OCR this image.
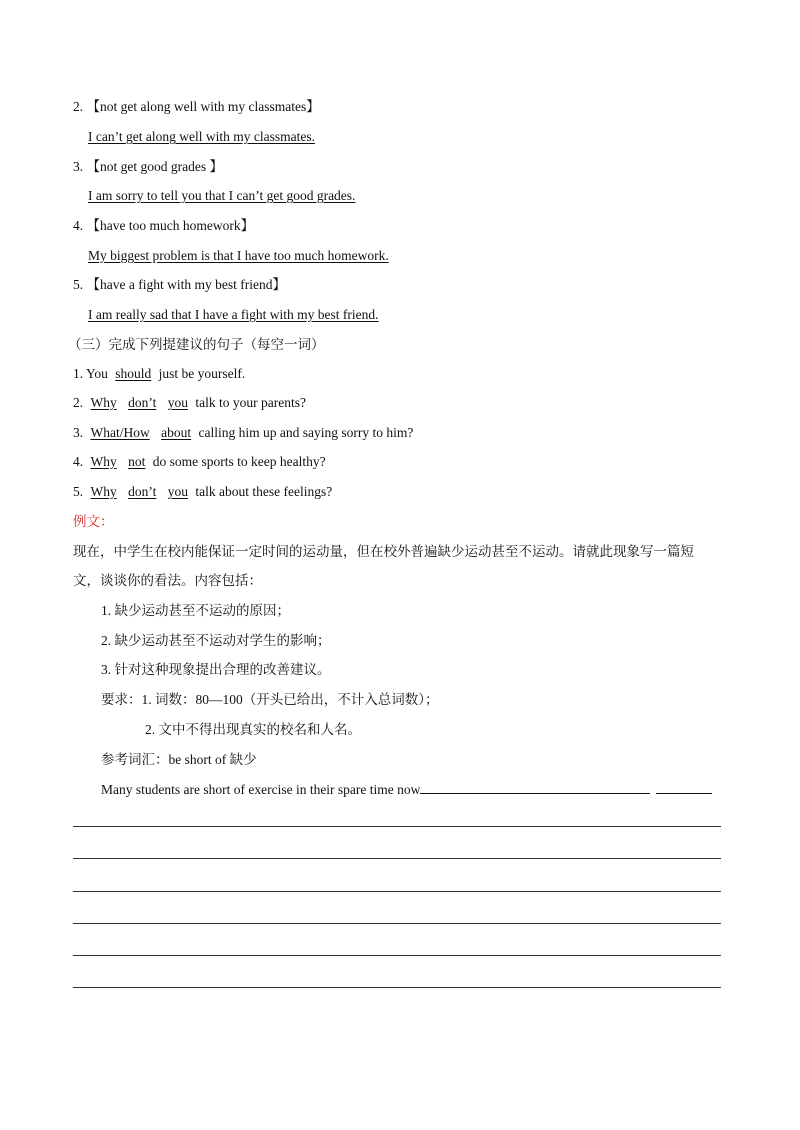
2. 【not get along well with my classmates】
I can’t get along well with my classmates.
3. 【not get good grades 】
I am sorry to tell you that I can’t get good grades.
4. 【have too much homework】
My biggest problem is that I have too much homework.
5. 【have a fight with my best friend】
I am really sad that I have a fight with my best friend.
（三）完成下列提建议的句子（每空一词）
1. You should just be yourself.
2. Why don’t you talk to your parents?
3. What/How about calling him up and saying sorry to him?
4. Why not do some sports to keep healthy?
5. Why don’t you talk about these feelings?
例文：
现在，中学生在校内能保证一定时间的运动量，但在校外普遍缺少运动甚至不运动。请就此现象写一篇短
文，谈谈你的看法。内容包括：
1. 缺少运动甚至不运动的原因；
2. 缺少运动甚至不运动对学生的影响；
3. 针对这种现象提出合理的改善建议。
要求：1. 词数：80—100（开头已给出，不计入总词数）；
2. 文中不得出现真实的校名和人名。
参考词汇：be short of 缺少
Many students are short of exercise in their spare time now
